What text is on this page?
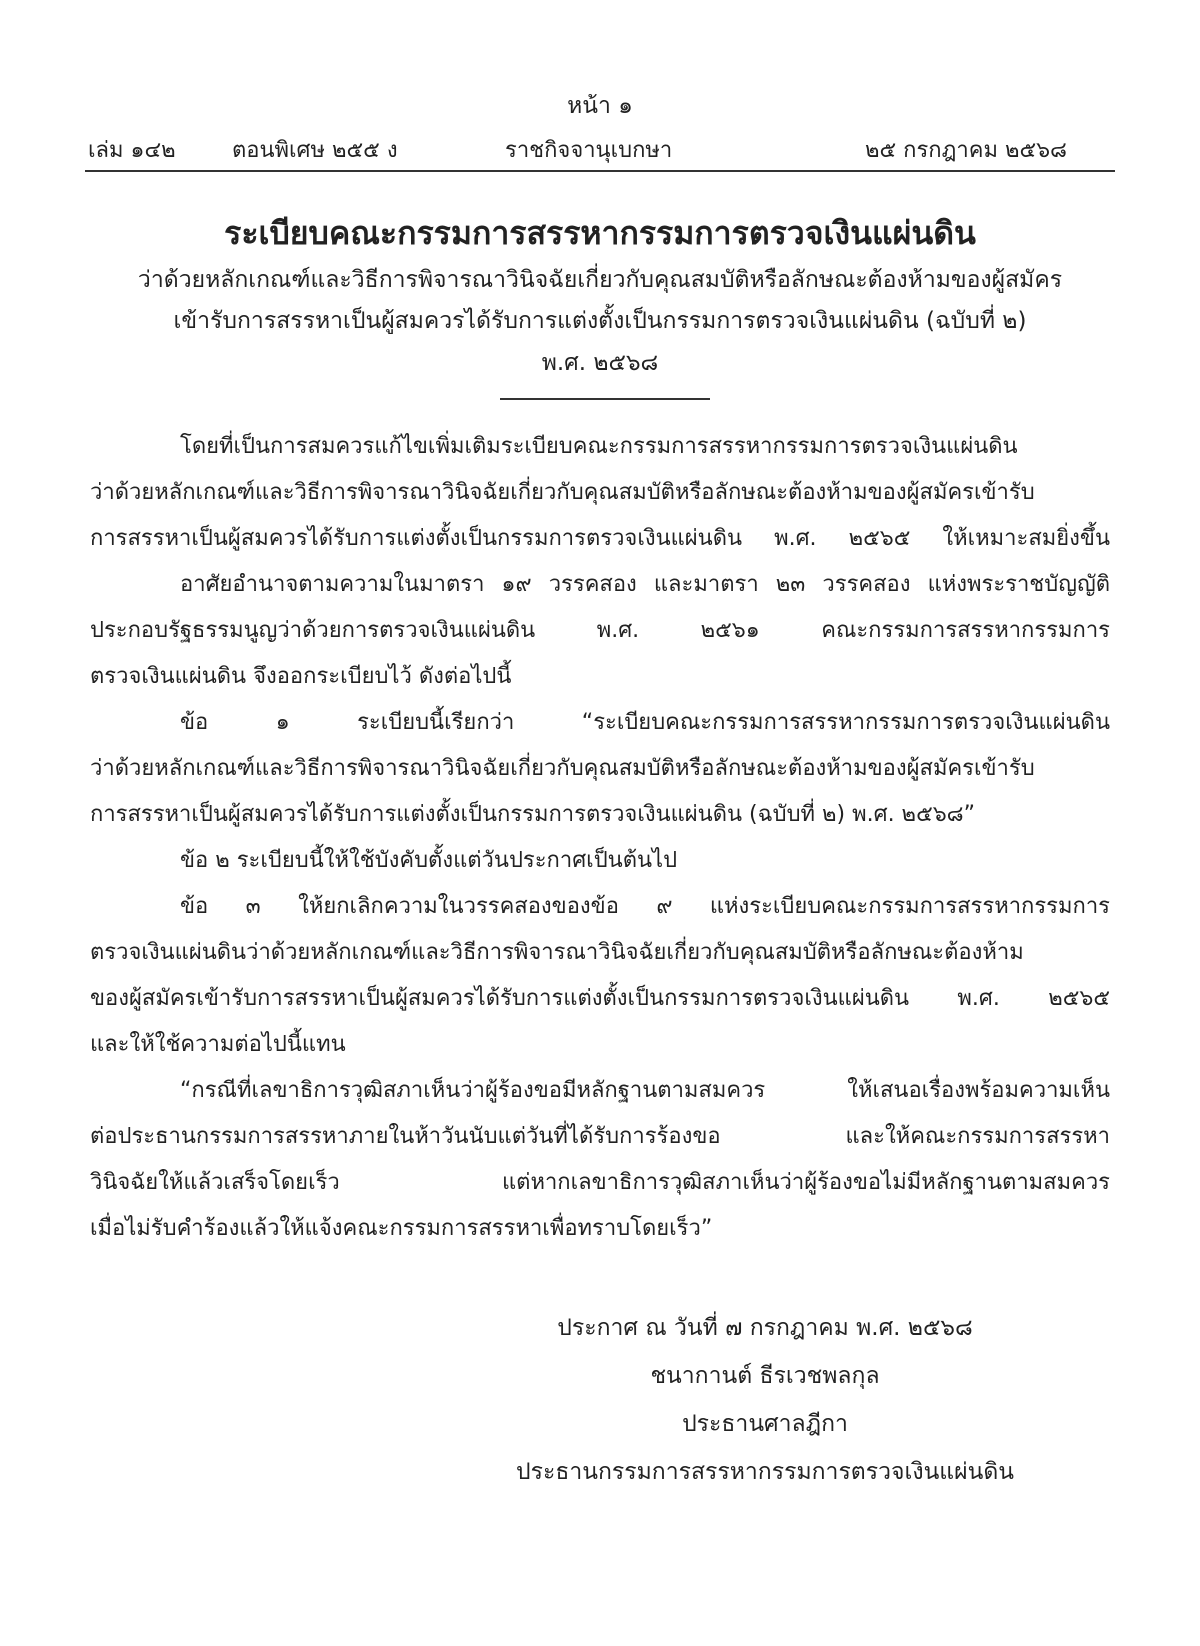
หน้า ๑
เล่ม ๑๔๒	ตอนพิเศษ ๒๕๕ ง	ราชกิจจานุเบกษา	๒๕ กรกฎาคม ๒๕๖๘
ระเบียบคณะกรรมการสรรหากรรมการตรวจเงินแผ่นดิน
ว่าด้วยหลักเกณฑ์และวิธีการพิจารณาวินิจฉัยเกี่ยวกับคุณสมบัติหรือลักษณะต้องห้ามของผู้สมัคร
เข้ารับการสรรหาเป็นผู้สมควรได้รับการแต่งตั้งเป็นกรรมการตรวจเงินแผ่นดิน (ฉบับที่ ๒)
พ.ศ. ๒๕๖๘
โดยที่เป็นการสมควรแก้ไขเพิ่มเติมระเบียบคณะกรรมการสรรหากรรมการตรวจเงินแผ่นดิน
ว่าด้วยหลักเกณฑ์และวิธีการพิจารณาวินิจฉัยเกี่ยวกับคุณสมบัติหรือลักษณะต้องห้ามของผู้สมัครเข้ารับ
การสรรหาเป็นผู้สมควรได้รับการแต่งตั้งเป็นกรรมการตรวจเงินแผ่นดิน พ.ศ. ๒๕๖๕ ให้เหมาะสมยิ่งขึ้น
อาศัยอำนาจตามความในมาตรา ๑๙ วรรคสอง และมาตรา ๒๓ วรรคสอง แห่งพระราชบัญญัติ
ประกอบรัฐธรรมนูญว่าด้วยการตรวจเงินแผ่นดิน พ.ศ. ๒๕๖๑ คณะกรรมการสรรหากรรมการ
ตรวจเงินแผ่นดิน จึงออกระเบียบไว้ ดังต่อไปนี้
ข้อ ๑ ระเบียบนี้เรียกว่า “ระเบียบคณะกรรมการสรรหากรรมการตรวจเงินแผ่นดิน
ว่าด้วยหลักเกณฑ์และวิธีการพิจารณาวินิจฉัยเกี่ยวกับคุณสมบัติหรือลักษณะต้องห้ามของผู้สมัครเข้ารับ
การสรรหาเป็นผู้สมควรได้รับการแต่งตั้งเป็นกรรมการตรวจเงินแผ่นดิน (ฉบับที่ ๒) พ.ศ. ๒๕๖๘”
ข้อ ๒ ระเบียบนี้ให้ใช้บังคับตั้งแต่วันประกาศเป็นต้นไป
ข้อ ๓ ให้ยกเลิกความในวรรคสองของข้อ ๙ แห่งระเบียบคณะกรรมการสรรหากรรมการ
ตรวจเงินแผ่นดินว่าด้วยหลักเกณฑ์และวิธีการพิจารณาวินิจฉัยเกี่ยวกับคุณสมบัติหรือลักษณะต้องห้าม
ของผู้สมัครเข้ารับการสรรหาเป็นผู้สมควรได้รับการแต่งตั้งเป็นกรรมการตรวจเงินแผ่นดิน พ.ศ. ๒๕๖๕
และให้ใช้ความต่อไปนี้แทน
“กรณีที่เลขาธิการวุฒิสภาเห็นว่าผู้ร้องขอมีหลักฐานตามสมควร ให้เสนอเรื่องพร้อมความเห็น
ต่อประธานกรรมการสรรหาภายในห้าวันนับแต่วันที่ได้รับการร้องขอ และให้คณะกรรมการสรรหา
วินิจฉัยให้แล้วเสร็จโดยเร็ว แต่หากเลขาธิการวุฒิสภาเห็นว่าผู้ร้องขอไม่มีหลักฐานตามสมควร
เมื่อไม่รับคำร้องแล้วให้แจ้งคณะกรรมการสรรหาเพื่อทราบโดยเร็ว”
ประกาศ ณ วันที่ ๗ กรกฎาคม พ.ศ. ๒๕๖๘
ชนากานต์ ธีรเวชพลกุล
ประธานศาลฎีกา
ประธานกรรมการสรรหากรรมการตรวจเงินแผ่นดิน
